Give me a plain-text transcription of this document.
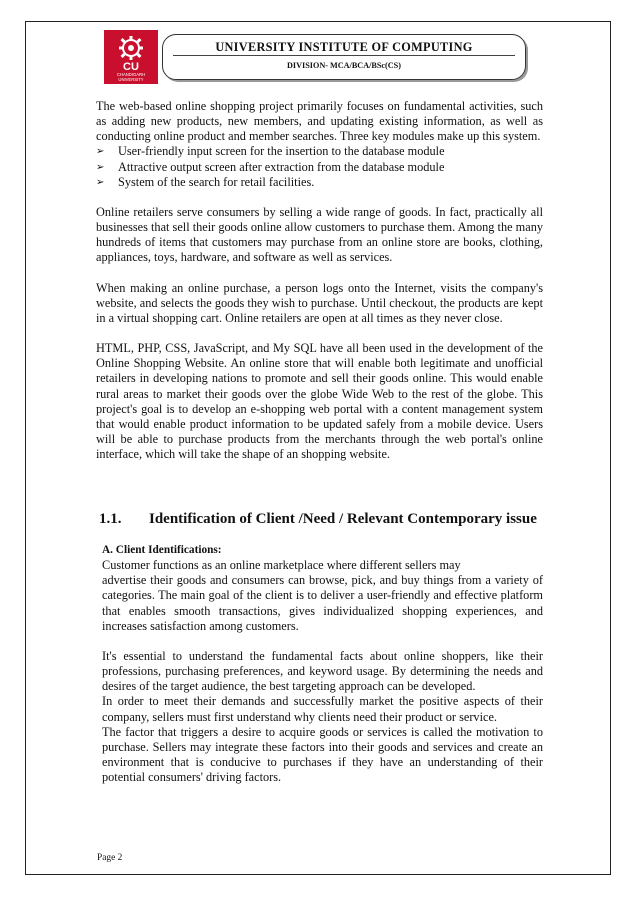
CU
CHANDIGARH
UNIVERSITY
UNIVERSITY INSTITUTE OF COMPUTING
DIVISION- MCA/BCA/BSc(CS)

The web-based online shopping project primarily focuses on fundamental activities, such as adding new products, new members, and updating existing information, as well as conducting online product and member searches. Three key modules make up this system.

➢ User-friendly input screen for the insertion to the database module
➢ Attractive output screen after extraction from the database module
➢ System of the search for retail facilities.

Online retailers serve consumers by selling a wide range of goods. In fact, practically all businesses that sell their goods online allow customers to purchase them. Among the many hundreds of items that customers may purchase from an online store are books, clothing, appliances, toys, hardware, and software as well as services.

When making an online purchase, a person logs onto the Internet, visits the company's website, and selects the goods they wish to purchase. Until checkout, the products are kept in a virtual shopping cart. Online retailers are open at all times as they never close.

HTML, PHP, CSS, JavaScript, and My SQL have all been used in the development of the Online Shopping Website. An online store that will enable both legitimate and unofficial retailers in developing nations to promote and sell their goods online. This would enable rural areas to market their goods over the globe Wide Web to the rest of the globe. This project's goal is to develop an e-shopping web portal with a content management system that would enable product information to be updated safely from a mobile device. Users will be able to purchase products from the merchants through the web portal's online interface, which will take the shape of an shopping website.

1.1. Identification of Client /Need / Relevant Contemporary issue
A. Client Identifications:

Customer functions as an online marketplace where different sellers may
advertise their goods and consumers can browse, pick, and buy things from a variety of categories. The main goal of the client is to deliver a user-friendly and effective platform that enables smooth transactions, gives individualized shopping experiences, and increases satisfaction among customers.

It's essential to understand the fundamental facts about online shoppers, like their professions, purchasing preferences, and keyword usage. By determining the needs and desires of the target audience, the best targeting approach can be developed.

In order to meet their demands and successfully market the positive aspects of their company, sellers must first understand why clients need their product or service.

The factor that triggers a desire to acquire goods or services is called the motivation to purchase. Sellers may integrate these factors into their goods and services and create an environment that is conducive to purchases if they have an understanding of their potential consumers' driving factors.

Page 2
